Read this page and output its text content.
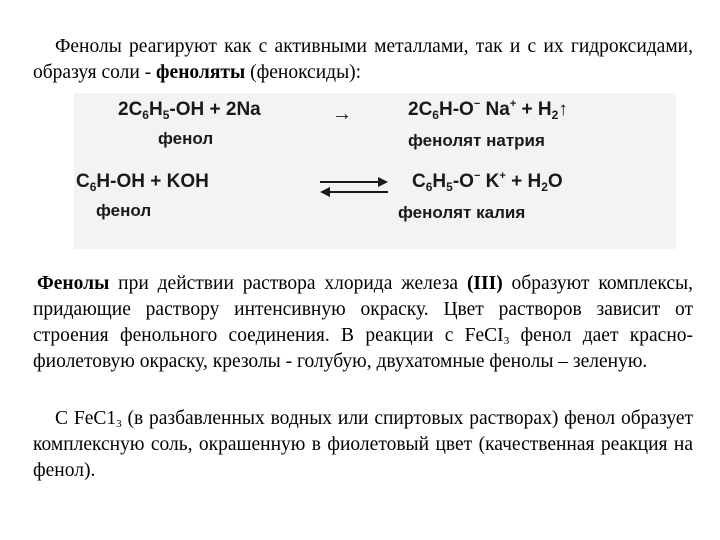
Фенолы реагируют как с активными металлами, так и с их гидроксидами, образуя соли - феноляты (феноксиды):

$2C_6H_5-OH + 2Na$	→	$2C_6H-O^-$ $Na^+ + H_2↑$
фенол	фенолят натрия
$C_6H-OH$ + KOH	$C_6H_5-O^-$ $K^+ + H_2O$
фенол	фенолят калия

Фенолы при действии раствора хлорида железа (III) образуют комплексы, придающие раствору интенсивную окраску. Цвет растворов зависит от строения фенольного соединения. В реакции с FeCI$_3$ фенол дает красно-фиолетовую окраску, крезолы - голубую, двухатомные фенолы – зеленую.

С $FeC1_3$ (в разбавленных водных или спиртовых растворах) фенол образует комплексную соль, окрашенную в фиолетовый цвет (качественная реакция на фенол).
